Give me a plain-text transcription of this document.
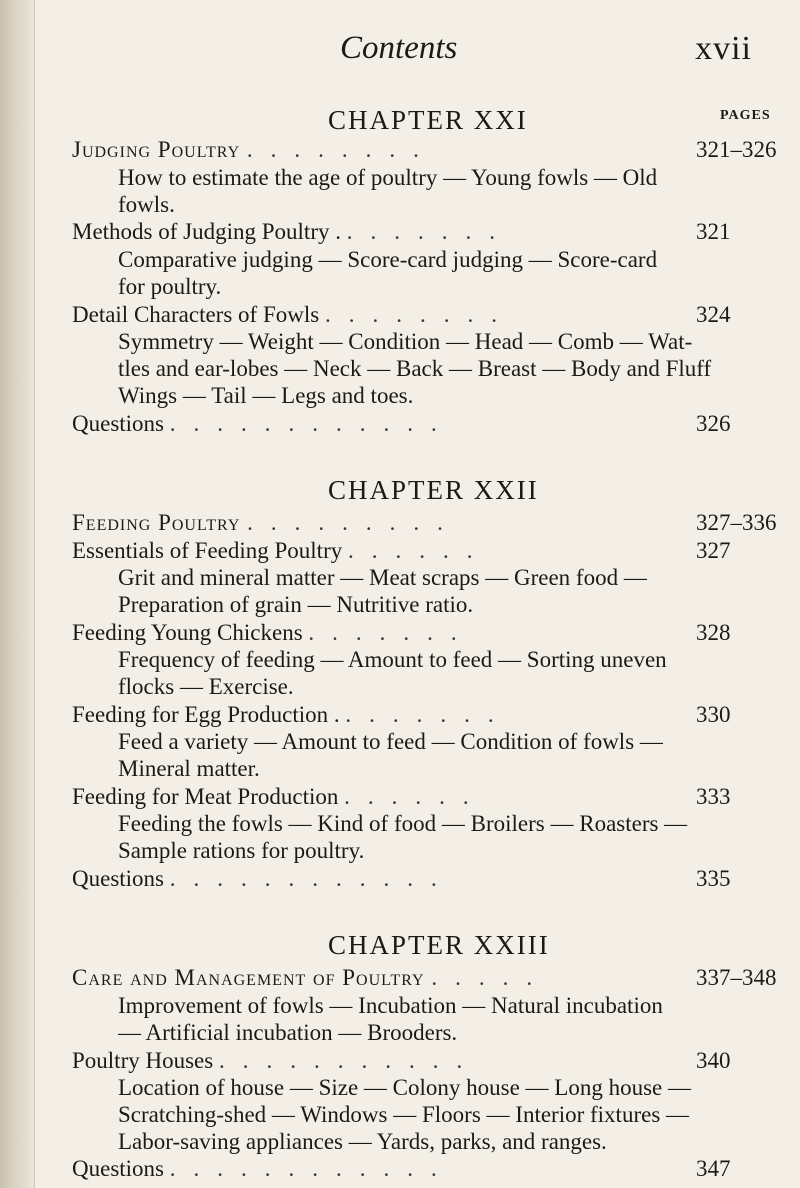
Contents	xvii
CHAPTER XXI	PAGES
Judging Poultry ........	321–326
How to estimate the age of poultry — Young fowls — Old
fowls.
Methods of Judging Poultry . .......	321
Comparative judging — Score-card judging — Score-card
for poultry.
Detail Characters of Fowls ........	324
Symmetry — Weight — Condition — Head — Comb — Wat-
tles and ear-lobes — Neck — Back — Breast — Body and Fluff
Wings — Tail — Legs and toes.
Questions ............	326
CHAPTER XXII
Feeding Poultry .........	327–336
Essentials of Feeding Poultry ......	327
Grit and mineral matter — Meat scraps — Green food —
Preparation of grain — Nutritive ratio.
Feeding Young Chickens .......	328
Frequency of feeding — Amount to feed — Sorting uneven
flocks — Exercise.
Feeding for Egg Production . .......	330
Feed a variety — Amount to feed — Condition of fowls —
Mineral matter.
Feeding for Meat Production ......	333
Feeding the fowls — Kind of food — Broilers — Roasters —
Sample rations for poultry.
Questions ............	335
CHAPTER XXIII
Care and Management of Poultry .....	337–348
Improvement of fowls — Incubation — Natural incubation
— Artificial incubation — Brooders.
Poultry Houses ...........	340
Location of house — Size — Colony house — Long house —
Scratching-shed — Windows — Floors — Interior fixtures —
Labor-saving appliances — Yards, parks, and ranges.
Questions ............	347
